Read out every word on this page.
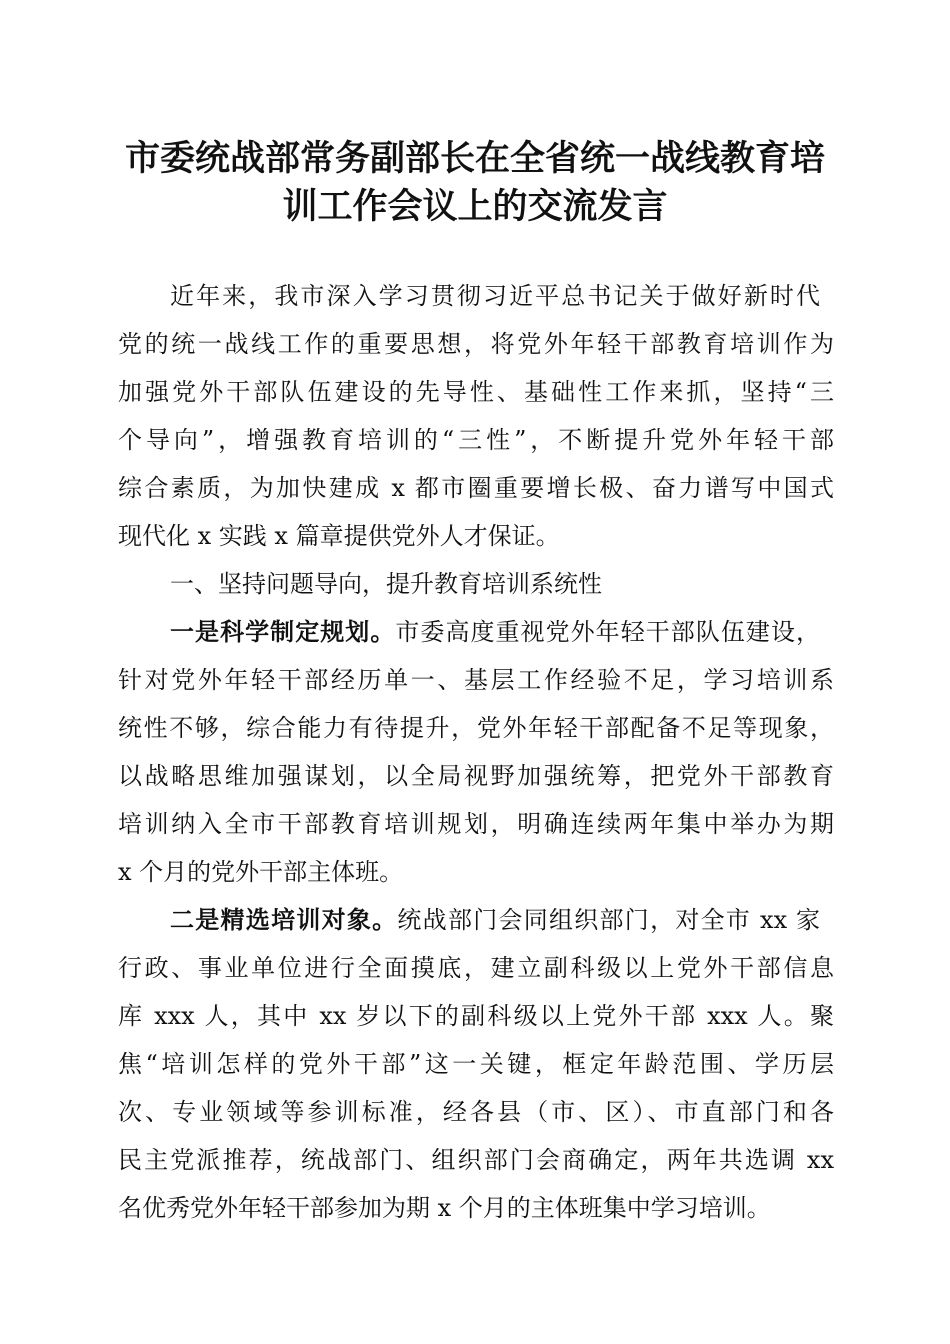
市委统战部常务副部长在全省统一战线教育培
训工作会议上的交流发言
近年来，我市深入学习贯彻习近平总书记关于做好新时代
党的统一战线工作的重要思想，将党外年轻干部教育培训作为
加强党外干部队伍建设的先导性、基础性工作来抓，坚持“三
个导向”，增强教育培训的“三性”，不断提升党外年轻干部
综合素质，为加快建成 x 都市圈重要增长极、奋力谱写中国式
现代化 x 实践 x 篇章提供党外人才保证。
一、坚持问题导向，提升教育培训系统性
一是科学制定规划。市委高度重视党外年轻干部队伍建设，
针对党外年轻干部经历单一、基层工作经验不足，学习培训系
统性不够，综合能力有待提升，党外年轻干部配备不足等现象，
以战略思维加强谋划，以全局视野加强统筹，把党外干部教育
培训纳入全市干部教育培训规划，明确连续两年集中举办为期
x 个月的党外干部主体班。
二是精选培训对象。统战部门会同组织部门，对全市 xx 家
行政、事业单位进行全面摸底，建立副科级以上党外干部信息
库 xxx 人，其中 xx 岁以下的副科级以上党外干部 xxx 人。聚
焦“培训怎样的党外干部”这一关键，框定年龄范围、学历层
次、专业领域等参训标准，经各县（市、区）、市直部门和各
民主党派推荐，统战部门、组织部门会商确定，两年共选调 xx
名优秀党外年轻干部参加为期 x 个月的主体班集中学习培训。
